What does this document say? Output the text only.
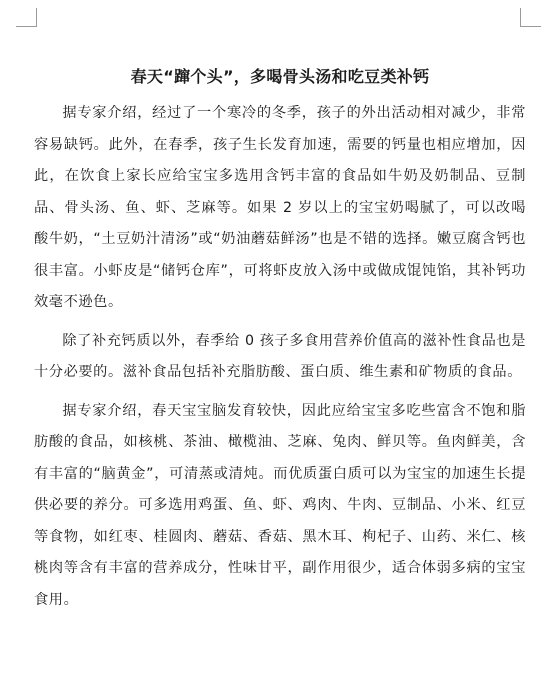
春天“蹿个头”，多喝骨头汤和吃豆类补钙

据专家介绍，经过了一个寒冷的冬季，孩子的外出活动相对减少，非常容易缺钙。此外，在春季，孩子生长发育加速，需要的钙量也相应增加，因此，在饮食上家长应给宝宝多选用含钙丰富的食品如牛奶及奶制品、豆制品、骨头汤、鱼、虾、芝麻等。如果 2 岁以上的宝宝奶喝腻了，可以改喝酸牛奶，“土豆奶汁清汤”或“奶油蘑菇鲜汤”也是不错的选择。嫩豆腐含钙也很丰富。小虾皮是“储钙仓库”，可将虾皮放入汤中或做成馄饨馅，其补钙功效毫不逊色。

除了补充钙质以外，春季给 0 孩子多食用营养价值高的滋补性食品也是十分必要的。滋补食品包括补充脂肪酸、蛋白质、维生素和矿物质的食品。

据专家介绍，春天宝宝脑发育较快，因此应给宝宝多吃些富含不饱和脂肪酸的食品，如核桃、茶油、橄榄油、芝麻、兔肉、鲜贝等。鱼肉鲜美，含有丰富的“脑黄金”，可清蒸或清炖。而优质蛋白质可以为宝宝的加速生长提供必要的养分。可多选用鸡蛋、鱼、虾、鸡肉、牛肉、豆制品、小米、红豆等食物，如红枣、桂圆肉、蘑菇、香菇、黑木耳、枸杞子、山药、米仁、核桃肉等含有丰富的营养成分，性味甘平，副作用很少，适合体弱多病的宝宝食用。
